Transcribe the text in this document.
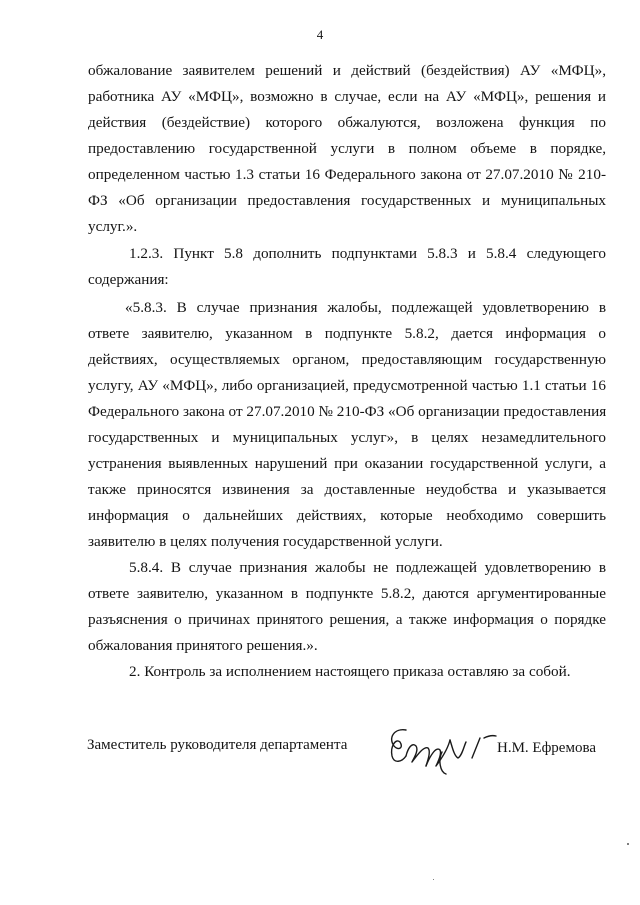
4
обжалование заявителем решений и действий (бездействия) АУ «МФЦ»,
работника АУ «МФЦ», возможно в случае, если на АУ «МФЦ», решения и
действия (бездействие) которого обжалуются, возложена функция по
предоставлению государственной услуги в полном объеме в порядке,
определенном частью 1.3 статьи 16 Федерального закона от 27.07.2010 № 210-
ФЗ «Об организации предоставления государственных и муниципальных
услуг.».
1.2.3. Пункт 5.8 дополнить подпунктами 5.8.3 и 5.8.4 следующего
содержания:
«5.8.3. В случае признания жалобы, подлежащей удовлетворению в
ответе заявителю, указанном в подпункте 5.8.2, дается информация о
действиях, осуществляемых органом, предоставляющим государственную
услугу, АУ «МФЦ», либо организацией, предусмотренной частью 1.1 статьи 16
Федерального закона от 27.07.2010 № 210-ФЗ «Об организации предоставления
государственных и муниципальных услуг», в целях незамедлительного
устранения выявленных нарушений при оказании государственной услуги, а
также приносятся извинения за доставленные неудобства и указывается
информация о дальнейших действиях, которые необходимо совершить
заявителю в целях получения государственной услуги.
5.8.4. В случае признания жалобы не подлежащей удовлетворению в
ответе заявителю, указанном в подпункте 5.8.2, даются аргументированные
разъяснения о причинах принятого решения, а также информация о порядке
обжалования принятого решения.».
2. Контроль за исполнением настоящего приказа оставляю за собой.
Заместитель руководителя департамента	Н.М. Ефремова
